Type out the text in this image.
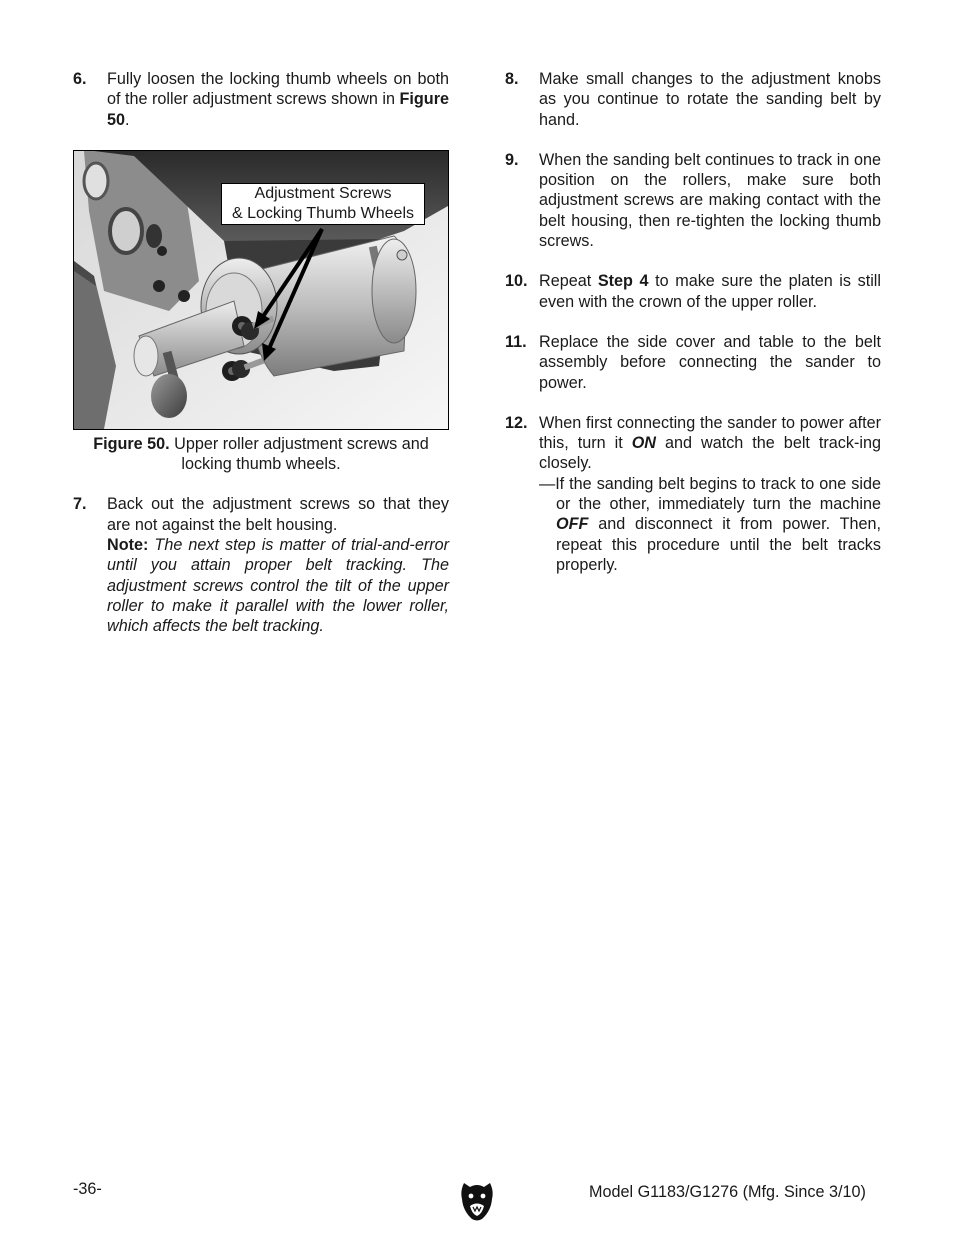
6. Fully loosen the locking thumb wheels on both of the roller adjustment screws shown in Figure 50.

Adjustment Screws
& Locking Thumb Wheels
Figure 50. Upper roller adjustment screws and locking thumb wheels.
7. Back out the adjustment screws so that they are not against the belt housing.

Note: The next step is matter of trial-and-error until you attain proper belt tracking. The adjustment screws control the tilt of the upper roller to make it parallel with the lower roller, which affects the belt tracking.

8. Make small changes to the adjustment knobs as you continue to rotate the sanding belt by hand.

9. When the sanding belt continues to track in one position on the rollers, make sure both adjustment screws are making contact with the belt housing, then re-tighten the locking thumb screws.

10. Repeat Step 4 to make sure the platen is still even with the crown of the upper roller.

11. Replace the side cover and table to the belt assembly before connecting the sander to power.

12. When first connecting the sander to power after this, turn it ON and watch the belt track-ing closely.

—If the sanding belt begins to track to one side or the other, immediately turn the machine OFF and disconnect it from power. Then, repeat this procedure until the belt tracks properly.

-36-	Model G1183/G1276 (Mfg. Since 3/10)
